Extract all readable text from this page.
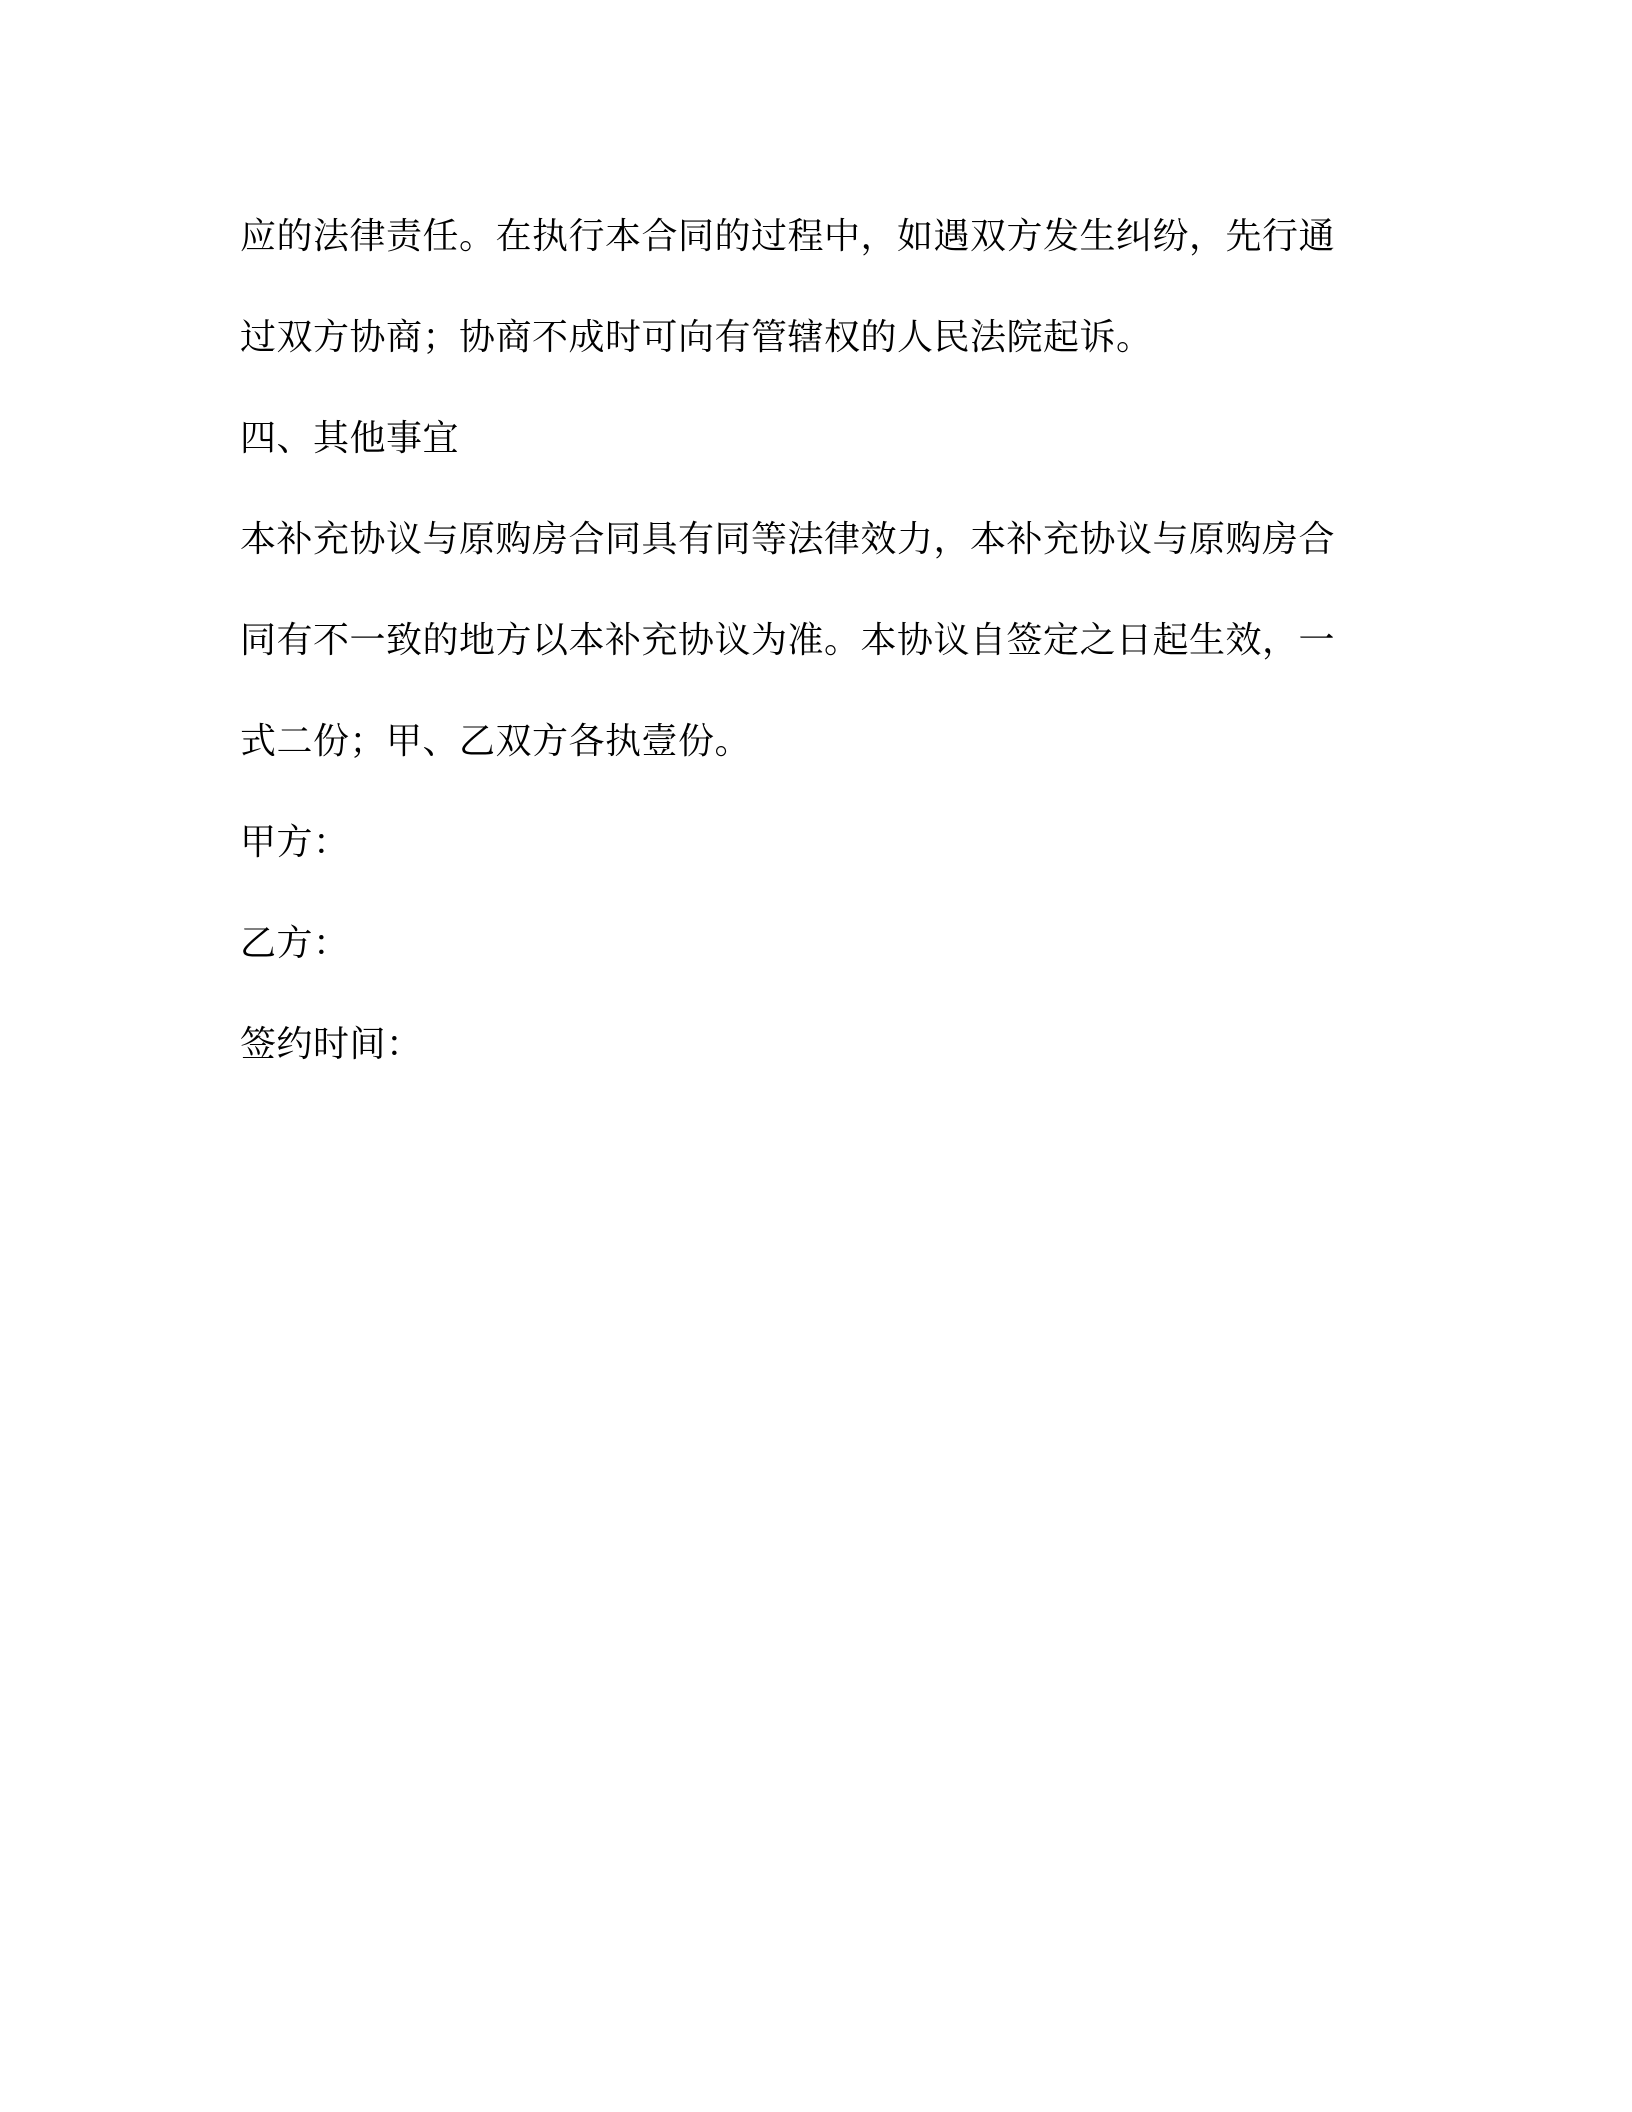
应的法律责任。在执行本合同的过程中，如遇双方发生纠纷，先行通
过双方协商；协商不成时可向有管辖权的人民法院起诉。
四、其他事宜
本补充协议与原购房合同具有同等法律效力，本补充协议与原购房合
同有不一致的地方以本补充协议为准。本协议自签定之日起生效，一
式二份；甲、乙双方各执壹份。
甲方：
乙方：
签约时间：
